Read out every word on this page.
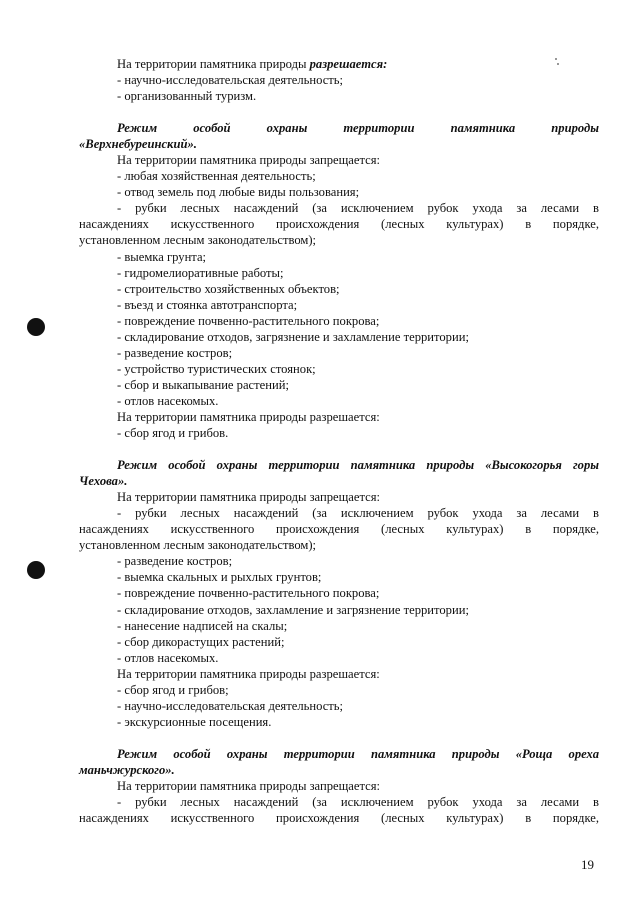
На территории памятника природы разрешается:
- научно-исследовательская деятельность;
- организованный туризм.
Режим особой охраны территории памятника природы
«Верхнебуреинский».
На территории памятника природы запрещается:
- любая хозяйственная деятельность;
- отвод земель под любые виды пользования;
- рубки лесных насаждений (за исключением рубок ухода за лесами в
насаждениях искусственного происхождения (лесных культурах) в порядке,
установленном лесным законодательством);
- выемка грунта;
- гидромелиоративные работы;
- строительство хозяйственных объектов;
- въезд и стоянка автотранспорта;
- повреждение почвенно-растительного покрова;
- складирование отходов, загрязнение и захламление территории;
- разведение костров;
- устройство туристических стоянок;
- сбор и выкапывание растений;
- отлов насекомых.
На территории памятника природы разрешается:
- сбор ягод и грибов.
Режим особой охраны территории памятника природы «Высокогорья горы
Чехова».
На территории памятника природы запрещается:
- рубки лесных насаждений (за исключением рубок ухода за лесами в
насаждениях искусственного происхождения (лесных культурах) в порядке,
установленном лесным законодательством);
- разведение костров;
- выемка скальных и рыхлых грунтов;
- повреждение почвенно-растительного покрова;
- складирование отходов, захламление и загрязнение территории;
- нанесение надписей на скалы;
- сбор дикорастущих растений;
- отлов насекомых.
На территории памятника природы разрешается:
- сбор ягод и грибов;
- научно-исследовательская деятельность;
- экскурсионные посещения.
Режим особой охраны территории памятника природы «Роща ореха
маньчжурского».
На территории памятника природы запрещается:
- рубки лесных насаждений (за исключением рубок ухода за лесами в
насаждениях искусственного происхождения (лесных культурах) в порядке,
19
